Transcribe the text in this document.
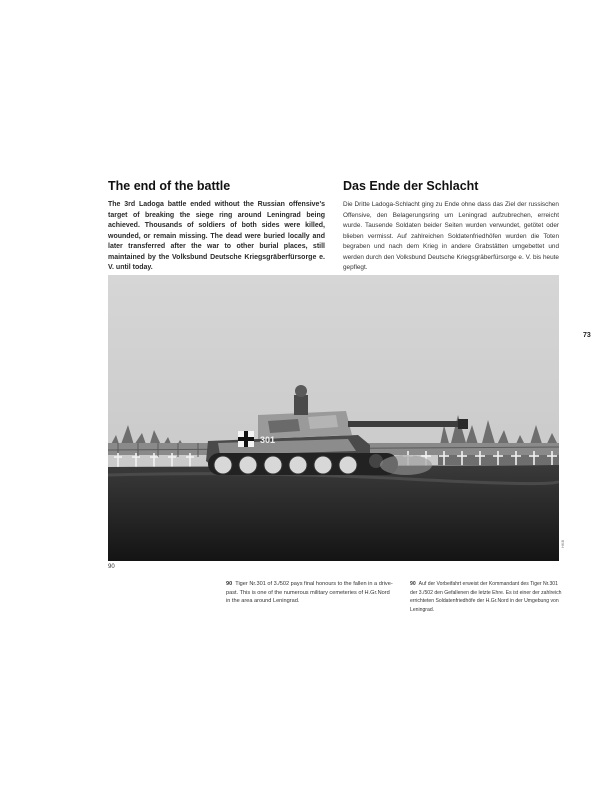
The end of the battle	Das Ende der Schlacht

The 3rd Ladoga battle ended without the Russian offensive's target of breaking the siege ring around Leningrad being achieved. Thousands of soldiers of both sides were killed, wounded, or remain missing. The dead were buried locally and later transferred after the war to other burial places, still maintained by the Volksbund Deutsche Kriegsgräberfürsorge e. V. until today.

Die Dritte Ladoga-Schlacht ging zu Ende ohne dass das Ziel der russischen Offensive, den Belagerungsring um Leningrad aufzubrechen, erreicht wurde. Tausende Soldaten beider Seiten wurden verwundet, getötet oder blieben vermisst. Auf zahlreichen Soldatenfriedhöfen wurden die Toten begraben und nach dem Krieg in andere Grabstätten umgebettet und werden durch den Volksbund Deutsche Kriegsgräberfürsorge e. V. bis heute gepflegt.

73
301
HKB
90

90 Tiger Nr.301 of 3./502 pays final honours to the fallen in a drive-past. This is one of the numerous military cemeteries of H.Gr.Nord in the area around Leningrad.

90 Auf der Vorbeifahrt erweist der Kommandant des Tiger Nr.301 der 3./502 den Gefallenen die letzte Ehre. Es ist einer der zahlreich errichteten Soldatenfriedhöfe der H.Gr.Nord in der Umgebung von Leningrad.
